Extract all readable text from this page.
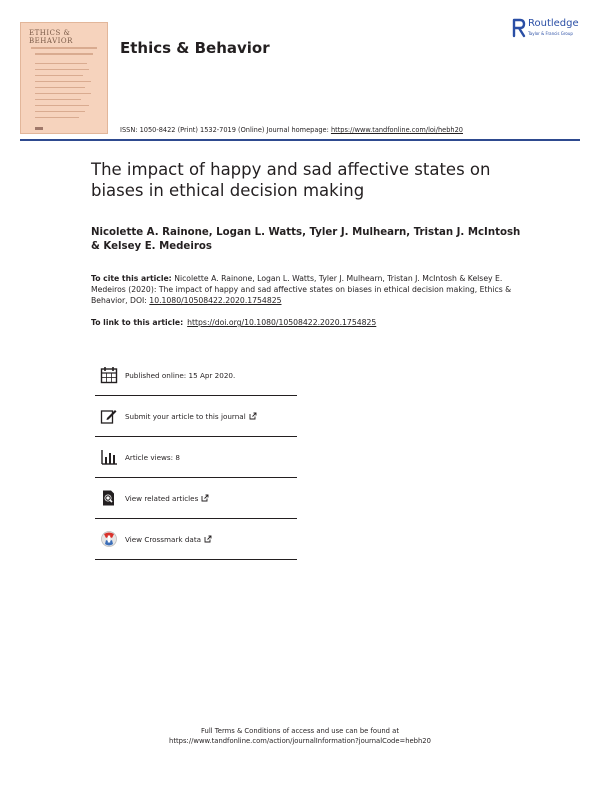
ETHICS & BEHAVIOR	Ethics & Behavior
Routledge
Taylor & Francis Group
ISSN: 1050-8422 (Print) 1532-7019 (Online) Journal homepage: https://www.tandfonline.com/loi/hebh20
The impact of happy and sad affective states on biases in ethical decision making
Nicolette A. Rainone, Logan L. Watts, Tyler J. Mulhearn, Tristan J. McIntosh & Kelsey E. Medeiros
To cite this article: Nicolette A. Rainone, Logan L. Watts, Tyler J. Mulhearn, Tristan J. McIntosh & Kelsey E. Medeiros (2020): The impact of happy and sad affective states on biases in ethical decision making, Ethics & Behavior, DOI: 10.1080/10508422.2020.1754825
To link to this article: https://doi.org/10.1080/10508422.2020.1754825
Published online: 15 Apr 2020.
Submit your article to this journal
Article views: 8
View related articles
View Crossmark data
Full Terms & Conditions of access and use can be found at
https://www.tandfonline.com/action/journalInformation?journalCode=hebh20
